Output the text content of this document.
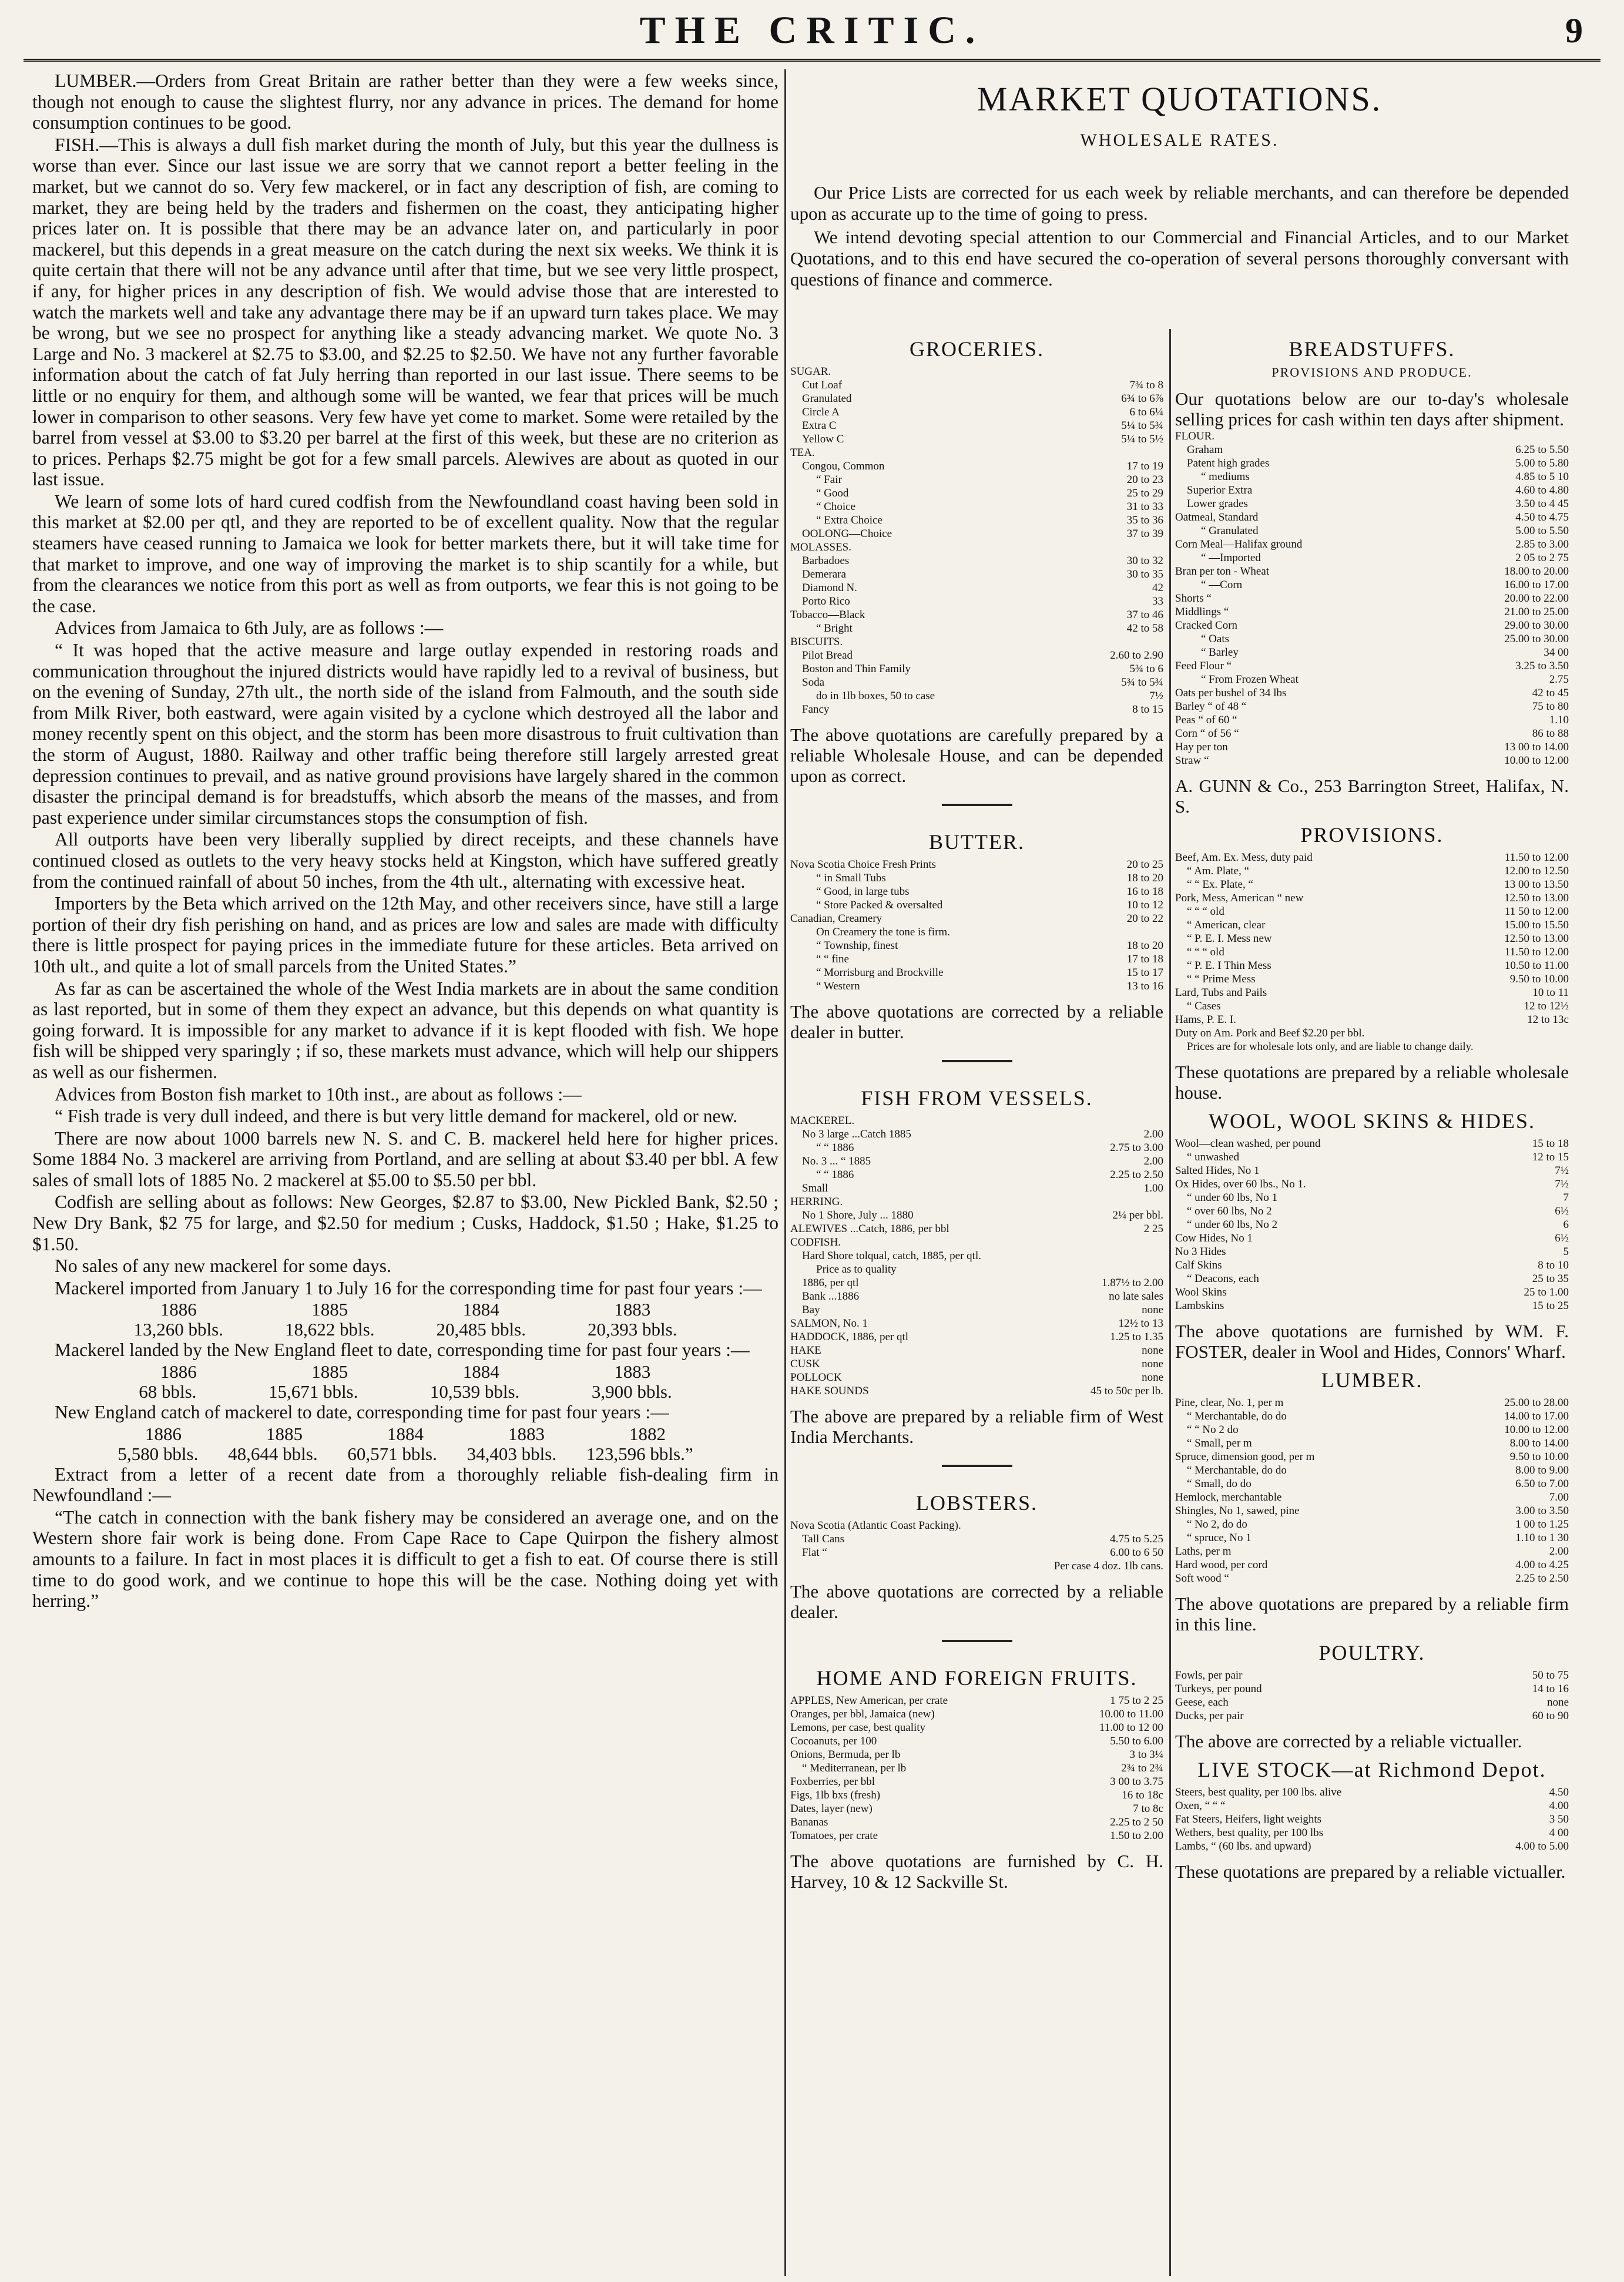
THE CRITIC.	9

LUMBER.—Orders from Great Britain are rather better than they were a few weeks since, though not enough to cause the slightest flurry, nor any advance in prices. The demand for home consumption continues to be good.

FISH.—This is always a dull fish market during the month of July, but this year the dullness is worse than ever. Since our last issue we are sorry that we cannot report a better feeling in the market, but we cannot do so. Very few mackerel, or in fact any description of fish, are coming to market, they are being held by the traders and fishermen on the coast, they anticipating higher prices later on. It is possible that there may be an advance later on, and particularly in poor mackerel, but this depends in a great measure on the catch during the next six weeks. We think it is quite certain that there will not be any advance until after that time, but we see very little prospect, if any, for higher prices in any description of fish. We would advise those that are interested to watch the markets well and take any advantage there may be if an upward turn takes place. We may be wrong, but we see no prospect for anything like a steady advancing market. We quote No. 3 Large and No. 3 mackerel at $2.75 to $3.00, and $2.25 to $2.50. We have not any further favorable information about the catch of fat July herring than reported in our last issue. There seems to be little or no enquiry for them, and although some will be wanted, we fear that prices will be much lower in comparison to other seasons. Very few have yet come to market. Some were retailed by the barrel from vessel at $3.00 to $3.20 per barrel at the first of this week, but these are no criterion as to prices. Perhaps $2.75 might be got for a few small parcels. Alewives are about as quoted in our last issue.

We learn of some lots of hard cured codfish from the Newfoundland coast having been sold in this market at $2.00 per qtl, and they are reported to be of excellent quality. Now that the regular steamers have ceased running to Jamaica we look for better markets there, but it will take time for that market to improve, and one way of improving the market is to ship scantily for a while, but from the clearances we notice from this port as well as from outports, we fear this is not going to be the case.

Advices from Jamaica to 6th July, are as follows :—

“ It was hoped that the active measure and large outlay expended in restoring roads and communication throughout the injured districts would have rapidly led to a revival of business, but on the evening of Sunday, 27th ult., the north side of the island from Falmouth, and the south side from Milk River, both eastward, were again visited by a cyclone which destroyed all the labor and money recently spent on this object, and the storm has been more disastrous to fruit cultivation than the storm of August, 1880. Railway and other traffic being therefore still largely arrested great depression continues to prevail, and as native ground provisions have largely shared in the common disaster the principal demand is for breadstuffs, which absorb the means of the masses, and from past experience under similar circumstances stops the consumption of fish.

All outports have been very liberally supplied by direct receipts, and these channels have continued closed as outlets to the very heavy stocks held at Kingston, which have suffered greatly from the continued rainfall of about 50 inches, from the 4th ult., alternating with excessive heat.

Importers by the Beta which arrived on the 12th May, and other receivers since, have still a large portion of their dry fish perishing on hand, and as prices are low and sales are made with difficulty there is little prospect for paying prices in the immediate future for these articles. Beta arrived on 10th ult., and quite a lot of small parcels from the United States.”

As far as can be ascertained the whole of the West India markets are in about the same condition as last reported, but in some of them they expect an advance, but this depends on what quantity is going forward. It is impossible for any market to advance if it is kept flooded with fish. We hope fish will be shipped very sparingly ; if so, these markets must advance, which will help our shippers as well as our fishermen.

Advices from Boston fish market to 10th inst., are about as follows :—

“ Fish trade is very dull indeed, and there is but very little demand for mackerel, old or new.

There are now about 1000 barrels new N. S. and C. B. mackerel held here for higher prices. Some 1884 No. 3 mackerel are arriving from Portland, and are selling at about $3.40 per bbl. A few sales of small lots of 1885 No. 2 mackerel at $5.00 to $5.50 per bbl.

Codfish are selling about as follows: New Georges, $2.87 to $3.00, New Pickled Bank, $2.50 ; New Dry Bank, $2 75 for large, and $2.50 for medium ; Cusks, Haddock, $1.50 ; Hake, $1.25 to $1.50.

No sales of any new mackerel for some days.

Mackerel imported from January 1 to July 16 for the corresponding time for past four years :—

1886	1885	1884	1883
13,260 bbls.	18,622 bbls.	20,485 bbls.	20,393 bbls.

Mackerel landed by the New England fleet to date, corresponding time for past four years :—

1886	1885	1884	1883
68 bbls.	15,671 bbls.	10,539 bbls.	3,900 bbls.

New England catch of mackerel to date, corresponding time for past four years :—

1886	1885	1884	1883	1882
5,580 bbls. 48,644 bbls. 60,571 bbls. 34,403 bbls. 123,596 bbls.”

Extract from a letter of a recent date from a thoroughly reliable fish-dealing firm in Newfoundland :—

“The catch in connection with the bank fishery may be considered an average one, and on the Western shore fair work is being done. From Cape Race to Cape Quirpon the fishery almost amounts to a failure. In fact in most places it is difficult to get a fish to eat. Of course there is still time to do good work, and we continue to hope this will be the case. Nothing doing yet with herring.”

MARKET QUOTATIONS.
WHOLESALE RATES.

Our Price Lists are corrected for us each week by reliable merchants, and can therefore be depended upon as accurate up to the time of going to press.

We intend devoting special attention to our Commercial and Financial Articles, and to our Market Quotations, and to this end have secured the co-operation of several persons thoroughly conversant with questions of finance and commerce.

GROCERIES.
SUGAR.
Cut Loaf	7¾ to 8
Granulated	6¾ to 6⅞
Circle A	6 to 6¼
Extra C	5¼ to 5¾
Yellow C	5¼ to 5½
TEA.
Congou, Common	17 to 19
“ Fair	20 to 23
“ Good	25 to 29
“ Choice	31 to 33
“ Extra Choice	35 to 36
OOLONG—Choice	37 to 39
MOLASSES.
Barbadoes	30 to 32
Demerara	30 to 35
Diamond N.	42
Porto Rico	33
Tobacco—Black	37 to 46
“ Bright	42 to 58
BISCUITS.
Pilot Bread	2.60 to 2.90
Boston and Thin Family	5¾ to 6
Soda	5¾ to 5¾
do in 1lb boxes, 50 to case	7½
Fancy	8 to 15
The above quotations are carefully prepared by a reliable Wholesale House, and can be depended upon as correct.
BUTTER.
Nova Scotia Choice Fresh Prints	20 to 25
“ in Small Tubs	18 to 20
“ Good, in large tubs	16 to 18
“ Store Packed & oversalted	10 to 12
Canadian, Creamery	20 to 22
On Creamery the tone is firm.
“ Township, finest	18 to 20
“ “ fine	17 to 18
“ Morrisburg and Brockville	15 to 17
“ Western	13 to 16
The above quotations are corrected by a reliable dealer in butter.
FISH FROM VESSELS.
MACKEREL.
No 3 large ...Catch 1885	2.00
“ “ 1886	2.75 to 3.00
No. 3 ... “ 1885	2.00
“ “ 1886	2.25 to 2.50
Small	1.00
HERRING.
No 1 Shore, July ... 1880	2¼ per bbl.
ALEWIVES ...Catch, 1886, per bbl	2 25
CODFISH.
Hard Shore tolqual, catch, 1885, per qtl.
Price as to quality
1886, per qtl	1.87½ to 2.00
Bank ...1886	no late sales
Bay	none
SALMON, No. 1	12½ to 13
HADDOCK, 1886, per qtl	1.25 to 1.35
HAKE	none
CUSK	none
POLLOCK	none
HAKE SOUNDS	45 to 50c per lb.
The above are prepared by a reliable firm of West India Merchants.
LOBSTERS.
Nova Scotia (Atlantic Coast Packing).
Tall Cans	4.75 to 5.25
Flat “	6.00 to 6 50
Per case 4 doz. 1lb cans.
The above quotations are corrected by a reliable dealer.
HOME AND FOREIGN FRUITS.
APPLES, New American, per crate	1 75 to 2 25
Oranges, per bbl, Jamaica (new)	10.00 to 11.00
Lemons, per case, best quality	11.00 to 12 00
Cocoanuts, per 100	5.50 to 6.00
Onions, Bermuda, per lb	3 to 3¼
“ Mediterranean, per lb	2¾ to 2¾
Foxberries, per bbl	3 00 to 3.75
Figs, 1lb bxs (fresh)	16 to 18c
Dates, layer (new)	7 to 8c
Bananas	2.25 to 2 50
Tomatoes, per crate	1.50 to 2.00
The above quotations are furnished by C. H. Harvey, 10 & 12 Sackville St.
BREADSTUFFS.
PROVISIONS AND PRODUCE.
Our quotations below are our to-day's wholesale selling prices for cash within ten days after shipment.
FLOUR.
Graham	6.25 to 5.50
Patent high grades	5.00 to 5.80
“ mediums	4.85 to 5 10
Superior Extra	4.60 to 4.80
Lower grades	3.50 to 4 45
Oatmeal, Standard	4.50 to 4.75
“ Granulated	5.00 to 5.50
Corn Meal—Halifax ground	2.85 to 3.00
“ —Imported	2 05 to 2 75
Bran per ton - Wheat	18.00 to 20.00
“ —Corn	16.00 to 17.00
Shorts “	20.00 to 22.00
Middlings “	21.00 to 25.00
Cracked Corn	29.00 to 30.00
“ Oats	25.00 to 30.00
“ Barley	34 00
Feed Flour “	3.25 to 3.50
“ From Frozen Wheat	2.75
Oats per bushel of 34 lbs	42 to 45
Barley “ of 48 “	75 to 80
Peas “ of 60 “	1.10
Corn “ of 56 “	86 to 88
Hay per ton	13 00 to 14.00
Straw “	10.00 to 12.00
A. GUNN & Co., 253 Barrington Street, Halifax, N. S.
PROVISIONS.
Beef, Am. Ex. Mess, duty paid	11.50 to 12.00
“ Am. Plate, “	12.00 to 12.50
“ “ Ex. Plate, “	13 00 to 13.50
Pork, Mess, American “ new	12.50 to 13.00
“ “ “ old	11 50 to 12.00
“ American, clear	15.00 to 15.50
“ P. E. I. Mess new	12.50 to 13.00
“ “ “ old	11.50 to 12.00
“ P. E. I Thin Mess	10.50 to 11.00
“ “ Prime Mess	9.50 to 10.00
Lard, Tubs and Pails	10 to 11
“ Cases	12 to 12½
Hams, P. E. I.	12 to 13c
Duty on Am. Pork and Beef $2.20 per bbl.
Prices are for wholesale lots only, and are liable to change daily.
These quotations are prepared by a reliable wholesale house.
WOOL, WOOL SKINS & HIDES.
Wool—clean washed, per pound	15 to 18
“ unwashed	12 to 15
Salted Hides, No 1	7½
Ox Hides, over 60 lbs., No 1.	7½
“ under 60 lbs, No 1	7
“ over 60 lbs, No 2	6½
“ under 60 lbs, No 2	6
Cow Hides, No 1	6½
No 3 Hides	5
Calf Skins	8 to 10
“ Deacons, each	25 to 35
Wool Skins	25 to 1.00
Lambskins	15 to 25
The above quotations are furnished by WM. F. FOSTER, dealer in Wool and Hides, Connors' Wharf.
LUMBER.
Pine, clear, No. 1, per m	25.00 to 28.00
“ Merchantable, do do	14.00 to 17.00
“ “ No 2 do	10.00 to 12.00
“ Small, per m	8.00 to 14.00
Spruce, dimension good, per m	9.50 to 10.00
“ Merchantable, do do	8.00 to 9.00
“ Small, do do	6.50 to 7.00
Hemlock, merchantable	7.00
Shingles, No 1, sawed, pine	3.00 to 3.50
“ No 2, do do	1 00 to 1.25
“ spruce, No 1	1.10 to 1 30
Laths, per m	2.00
Hard wood, per cord	4.00 to 4.25
Soft wood “	2.25 to 2.50
The above quotations are prepared by a reliable firm in this line.
POULTRY.
Fowls, per pair	50 to 75
Turkeys, per pound	14 to 16
Geese, each	none
Ducks, per pair	60 to 90
The above are corrected by a reliable victualler.
LIVE STOCK—at Richmond Depot.
Steers, best quality, per 100 lbs. alive	4.50
Oxen, “ “ “	4.00
Fat Steers, Heifers, light weights	3 50
Wethers, best quality, per 100 lbs	4 00
Lambs, “ (60 lbs. and upward)	4.00 to 5.00
These quotations are prepared by a reliable victualler.
